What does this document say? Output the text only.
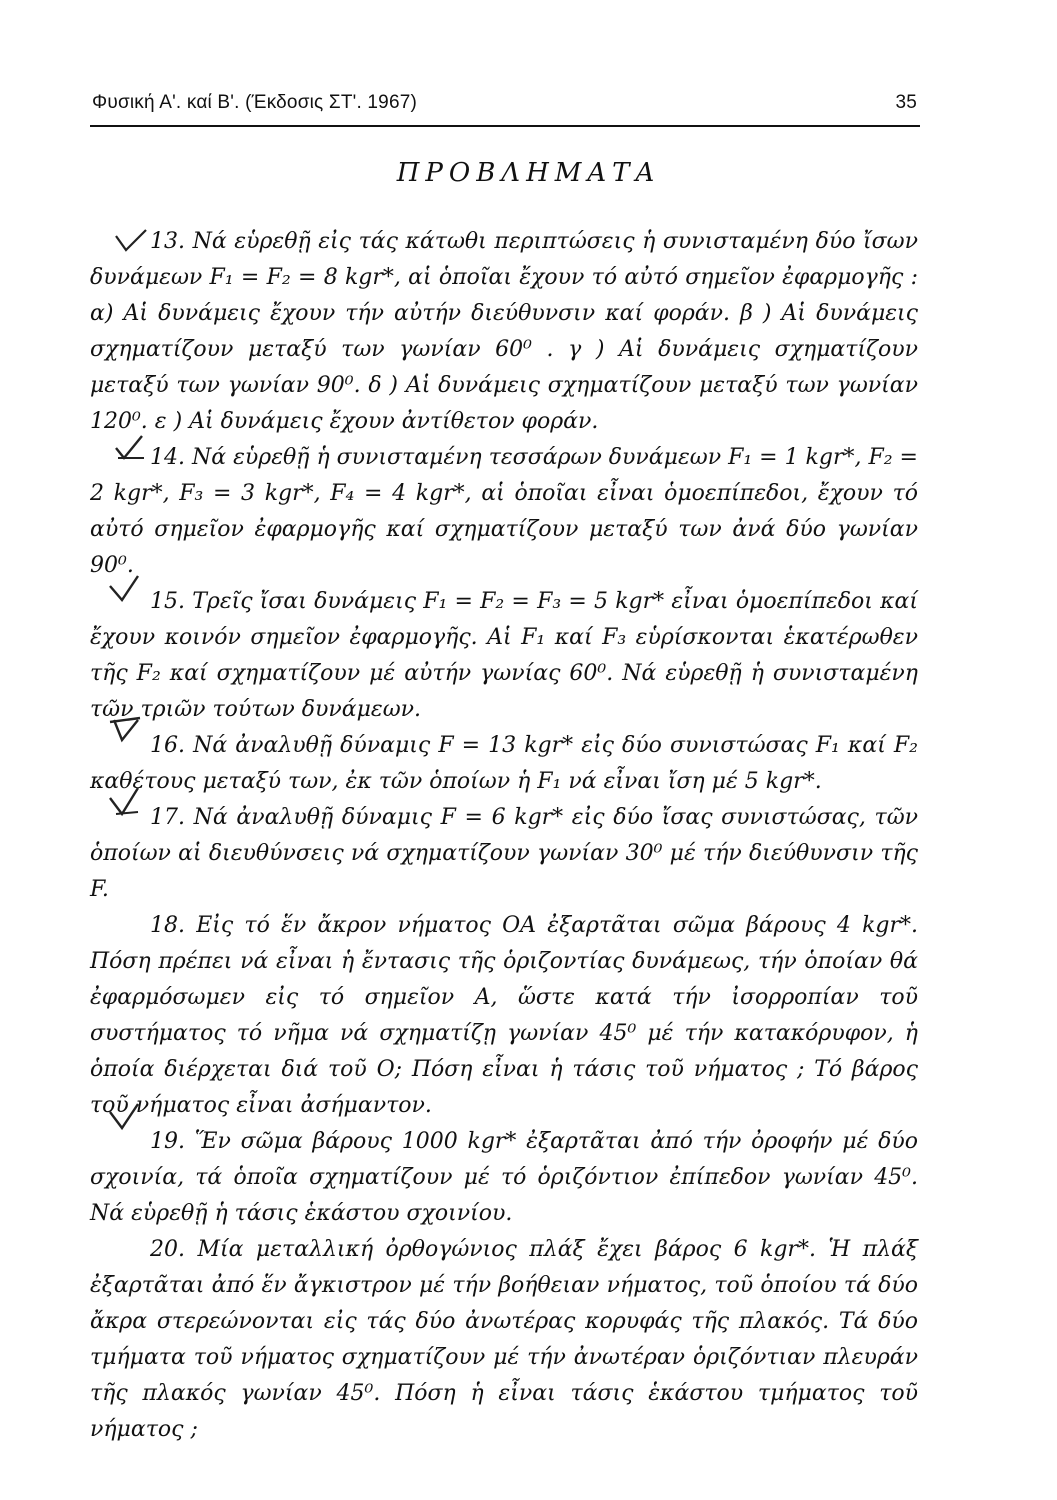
Φυσική Α'. καί Β'. (Έκδοσις ΣΤ'. 1967)	35
ΠΡΟΒΛΗΜΑΤΑ

13. Νά εὑρεθῇ εἰς τάς κάτωθι περιπτώσεις ἡ συνισταμένη δύο ἴσων δυνάμεων F₁ = F₂ = 8 kgr*, αἱ ὁποῖαι ἔχουν τό αὐτό σημεῖον ἐφαρμογῆς : α) Αἱ δυνάμεις ἔχουν τήν αὐτήν διεύθυνσιν καί φοράν. β ) Αἱ δυνάμεις σχηματίζουν μεταξύ των γωνίαν 60⁰ . γ ) Αἱ δυνάμεις σχηματίζουν μεταξύ των γωνίαν 90⁰. δ ) Αἱ δυνάμεις σχηματίζουν μεταξύ των γωνίαν 120⁰. ε ) Αἱ δυνάμεις ἔχουν ἀντίθετον φοράν.

14. Νά εὑρεθῇ ἡ συνισταμένη τεσσάρων δυνάμεων F₁ = 1 kgr*, F₂ = 2 kgr*, F₃ = 3 kgr*, F₄ = 4 kgr*, αἱ ὁποῖαι εἶναι ὁμοεπίπεδοι, ἔχουν τό αὐτό σημεῖον ἐφαρμογῆς καί σχηματίζουν μεταξύ των ἀνά δύο γωνίαν 90⁰.

15. Τρεῖς ἴσαι δυνάμεις F₁ = F₂ = F₃ = 5 kgr* εἶναι ὁμοεπίπεδοι καί ἔχουν κοινόν σημεῖον ἐφαρμογῆς. Αἱ F₁ καί F₃ εὑρίσκονται ἑκατέρωθεν τῆς F₂ καί σχηματίζουν μέ αὐτήν γωνίας 60⁰. Νά εὑρεθῇ ἡ συνισταμένη τῶν τριῶν τούτων δυνάμεων.

16. Νά ἀναλυθῇ δύναμις F = 13 kgr* εἰς δύο συνιστώσας F₁ καί F₂ καθέτους μεταξύ των, ἐκ τῶν ὁποίων ἡ F₁ νά εἶναι ἴση μέ 5 kgr*.

17. Νά ἀναλυθῇ δύναμις F = 6 kgr* εἰς δύο ἴσας συνιστώσας, τῶν ὁποίων αἱ διευθύνσεις νά σχηματίζουν γωνίαν 30⁰ μέ τήν διεύθυνσιν τῆς F.

18. Εἰς τό ἕν ἄκρον νήματος ΟΑ ἐξαρτᾶται σῶμα βάρους 4 kgr*. Πόση πρέπει νά εἶναι ἡ ἔντασις τῆς ὁριζοντίας δυνάμεως, τήν ὁποίαν θά ἐφαρμόσωμεν εἰς τό σημεῖον Α, ὥστε κατά τήν ἰσορροπίαν τοῦ συστήματος τό νῆμα νά σχηματίζῃ γωνίαν 45⁰ μέ τήν κατακόρυφον, ἡ ὁποία διέρχεται διά τοῦ Ο; Πόση εἶναι ἡ τάσις τοῦ νήματος ; Τό βάρος τοῦ νήματος εἶναι ἀσήμαντον.

19. Ἕν σῶμα βάρους 1000 kgr* ἐξαρτᾶται ἀπό τήν ὀροφήν μέ δύο σχοινία, τά ὁποῖα σχηματίζουν μέ τό ὁριζόντιον ἐπίπεδον γωνίαν 45⁰. Νά εὑρεθῇ ἡ τάσις ἑκάστου σχοινίου.

20. Μία μεταλλική ὀρθογώνιος πλάξ ἔχει βάρος 6 kgr*. Ἡ πλάξ ἐξαρτᾶται ἀπό ἕν ἄγκιστρον μέ τήν βοήθειαν νήματος, τοῦ ὁποίου τά δύο ἄκρα στερεώνονται εἰς τάς δύο ἀνωτέρας κορυφάς τῆς πλακός. Τά δύο τμήματα τοῦ νήματος σχηματίζουν μέ τήν ἀνωτέραν ὁριζόντιαν πλευράν τῆς πλακός γωνίαν 45⁰. Πόση ἡ εἶναι τάσις ἑκάστου τμήματος τοῦ νήματος ;
